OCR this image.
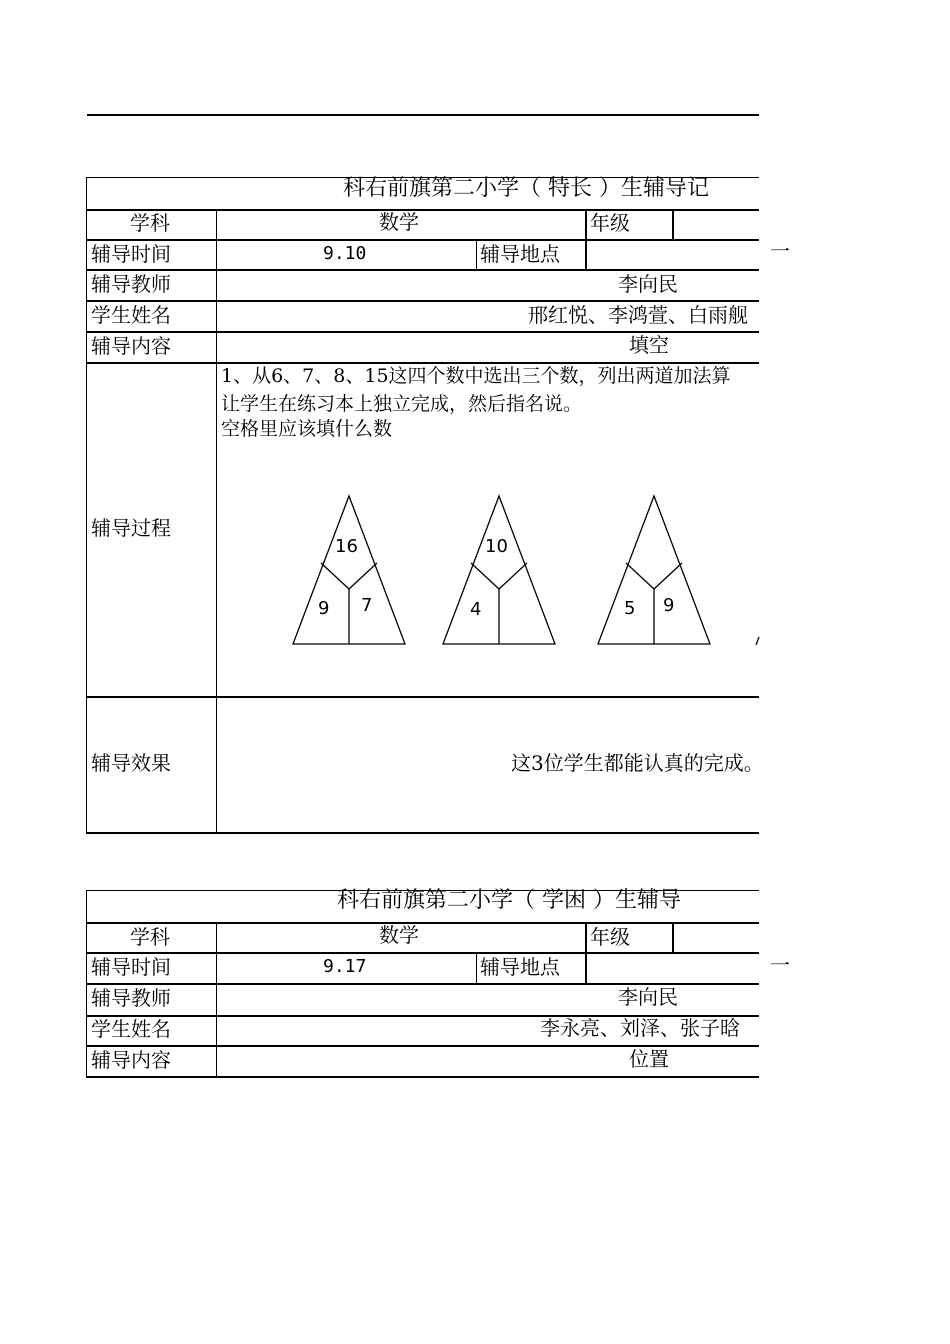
科右前旗第二小学（ 特长 ）生辅导记
学科	数学	年级
一
辅导时间	9.10	辅导地点
辅导教师	李向民
学生姓名	邢红悦、李鸿萱、白雨舰
辅导内容	填空
辅导过程
1、从6、7、8、15这四个数中选出三个数，列出两道加法算
让学生在练习本上独立完成，然后指名说。
空格里应该填什么数
16
9 7
10
4	5 9
辅导效果	这3位学生都能认真的完成。
科右前旗第二小学（ 学困 ）生辅导
学科	数学	年级
一
辅导时间	9.17	辅导地点
辅导教师	李向民
学生姓名	李永亮、刘泽、张子晗
辅导内容	位置
